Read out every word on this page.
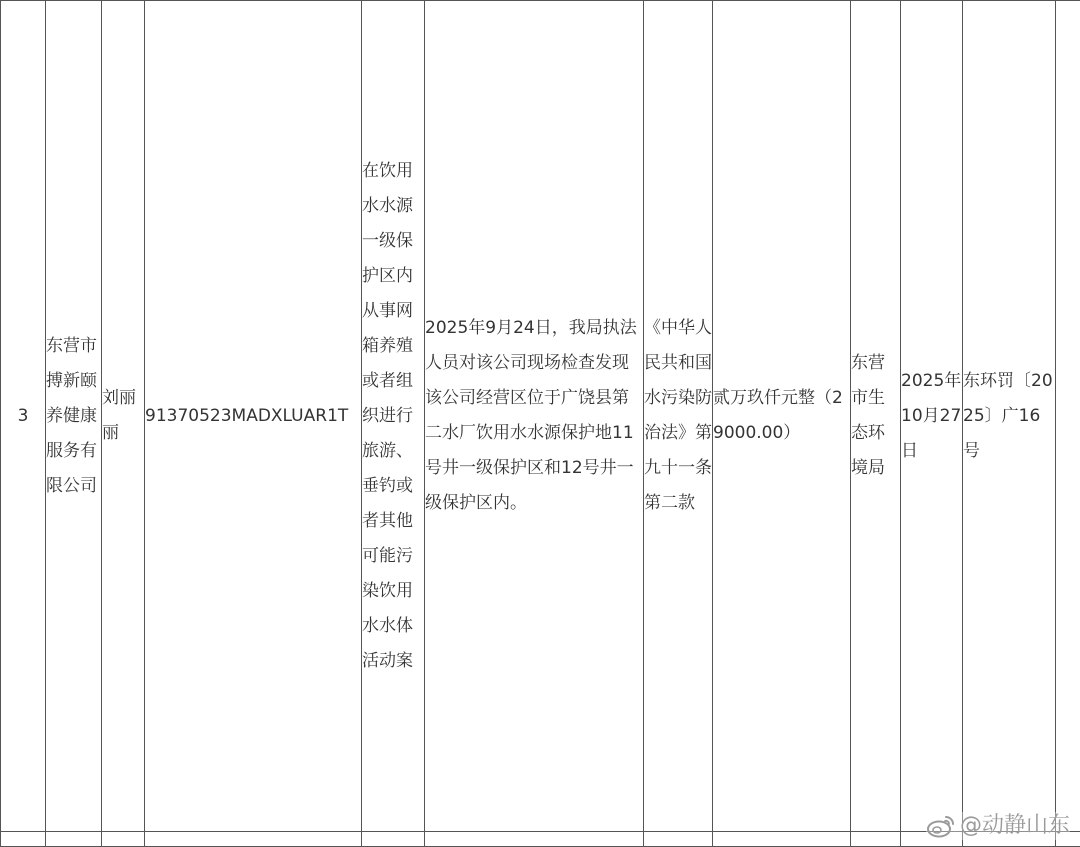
3	东营市搏新颐养健康服务有限公司	刘丽丽	91370523MADXLUAR1T	在饮用水水源一级保护区内从事网箱养殖或者组织进行旅游、垂钓或者其他可能污染饮用水水体活动案	2025年9月24日，我局执法人员对该公司现场检查发现该公司经营区位于广饶县第二水厂饮用水水源保护地11号井一级保护区和12号井一级保护区内。	《中华人民共和国水污染防治法》第九十一条第二款	贰万玖仟元整（29000.00）	东营市生态环境局	2025年10月27日	东环罚〔2025〕广16号	

@动静山东
